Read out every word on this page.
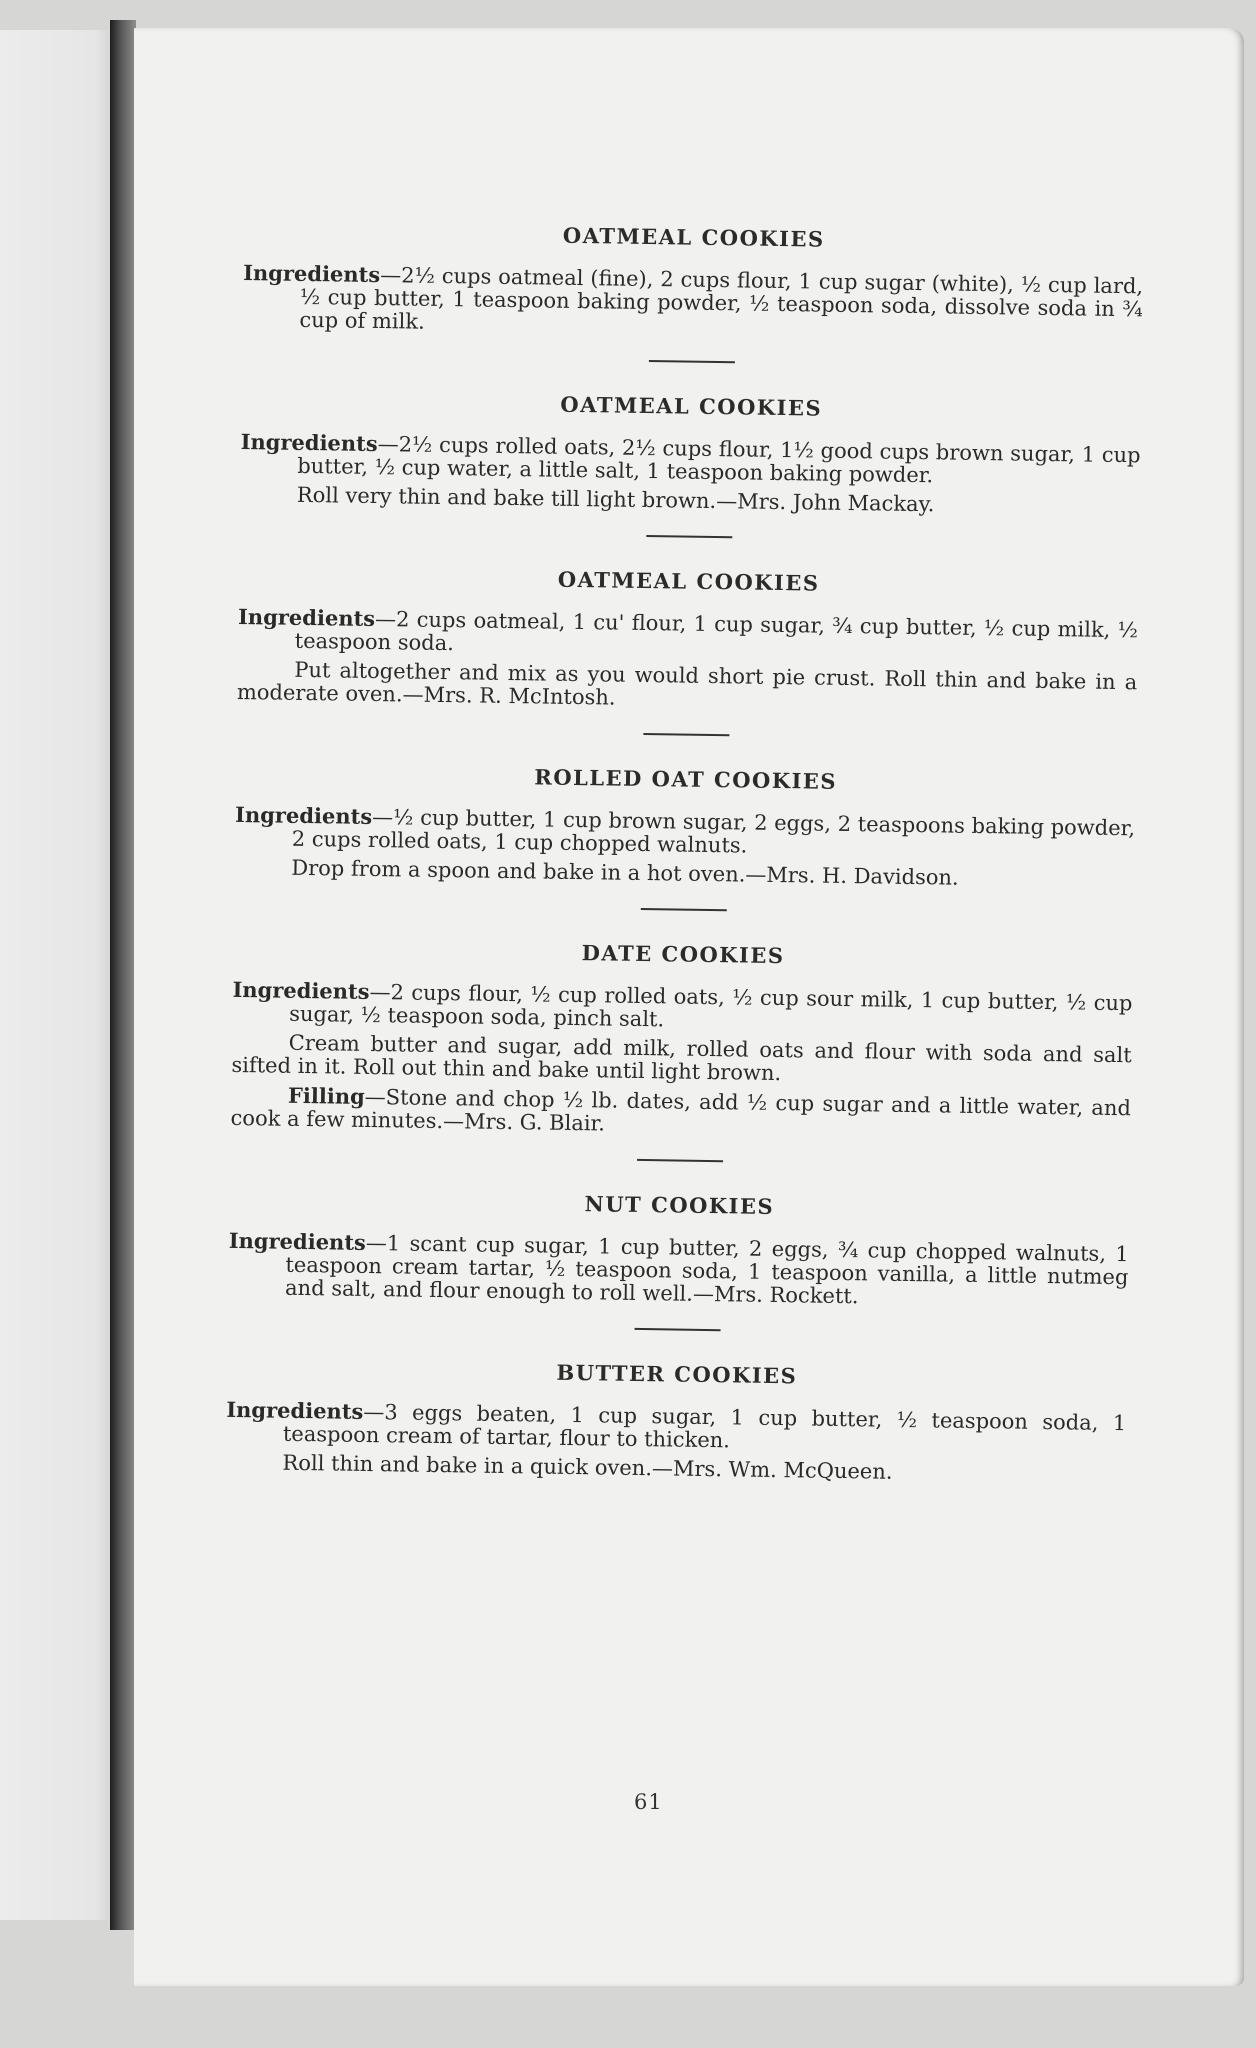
OATMEAL COOKIES

Ingredients—2½ cups oatmeal (fine), 2 cups flour, 1 cup sugar (white), ½ cup lard, ½ cup butter, 1 teaspoon baking powder, ½ teaspoon soda, dissolve soda in ¾ cup of milk.

OATMEAL COOKIES

Ingredients—2½ cups rolled oats, 2½ cups flour, 1½ good cups brown sugar, 1 cup butter, ½ cup water, a little salt, 1 teaspoon baking powder.

Roll very thin and bake till light brown.—Mrs. John Mackay.

OATMEAL COOKIES

Ingredients—2 cups oatmeal, 1 cu' flour, 1 cup sugar, ¾ cup butter, ½ cup milk, ½ teaspoon soda.

Put altogether and mix as you would short pie crust. Roll thin and bake in a moderate oven.—Mrs. R. McIntosh.

ROLLED OAT COOKIES

Ingredients—½ cup butter, 1 cup brown sugar, 2 eggs, 2 teaspoons baking powder, 2 cups rolled oats, 1 cup chopped walnuts.

Drop from a spoon and bake in a hot oven.—Mrs. H. Davidson.

DATE COOKIES

Ingredients—2 cups flour, ½ cup rolled oats, ½ cup sour milk, 1 cup butter, ½ cup sugar, ½ teaspoon soda, pinch salt.

Cream butter and sugar, add milk, rolled oats and flour with soda and salt sifted in it. Roll out thin and bake until light brown.

Filling—Stone and chop ½ lb. dates, add ½ cup sugar and a little water, and cook a few minutes.—Mrs. G. Blair.

NUT COOKIES

Ingredients—1 scant cup sugar, 1 cup butter, 2 eggs, ¾ cup chopped walnuts, 1 teaspoon cream tartar, ½ teaspoon soda, 1 teaspoon vanilla, a little nutmeg and salt, and flour enough to roll well.—Mrs. Rockett.

BUTTER COOKIES

Ingredients—3 eggs beaten, 1 cup sugar, 1 cup butter, ½ teaspoon soda, 1 teaspoon cream of tartar, flour to thicken.

Roll thin and bake in a quick oven.—Mrs. Wm. McQueen.

61
